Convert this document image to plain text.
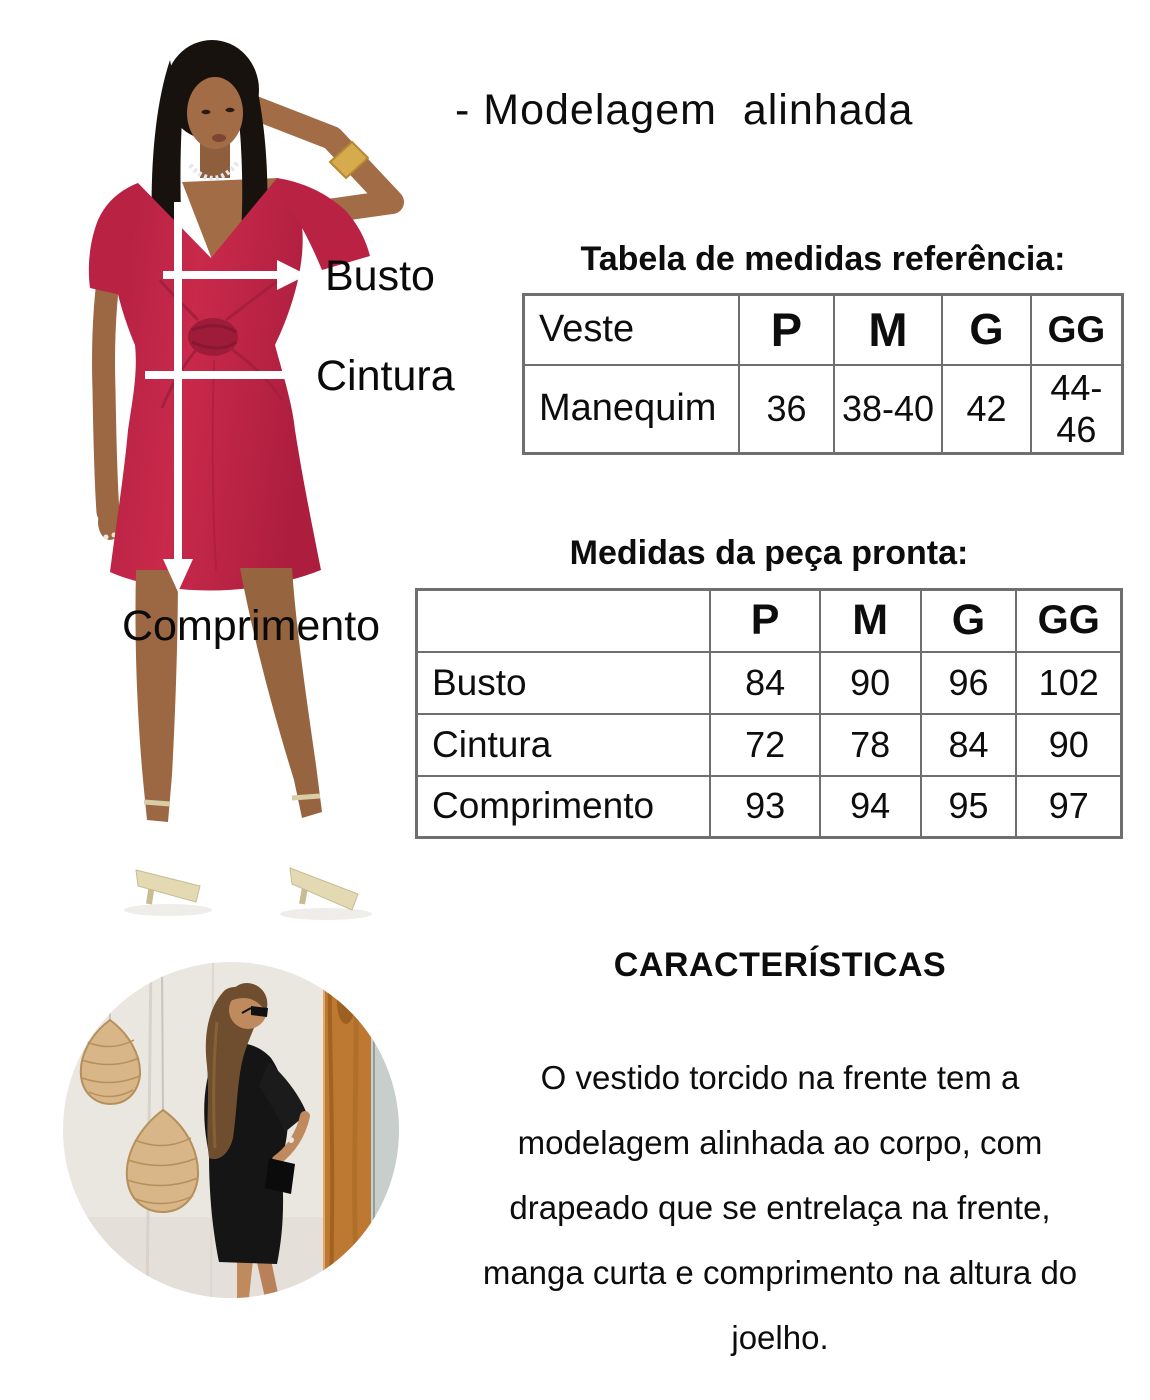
Busto
Cintura
Comprimento
- Modelagem  alinhada
Tabela de medidas referência:
Veste	P	M	G	GG
Manequim	36	38-40	42	44-46
Medidas da peça pronta:
	P	M	G	GG
Busto	84	90	96	102
Cintura	72	78	84	90
Comprimento	93	94	95	97
CARACTERÍSTICAS
O vestido torcido na frente tem a
modelagem alinhada ao corpo, com
drapeado que se entrelaça na frente,
manga curta e comprimento na altura do
joelho.
